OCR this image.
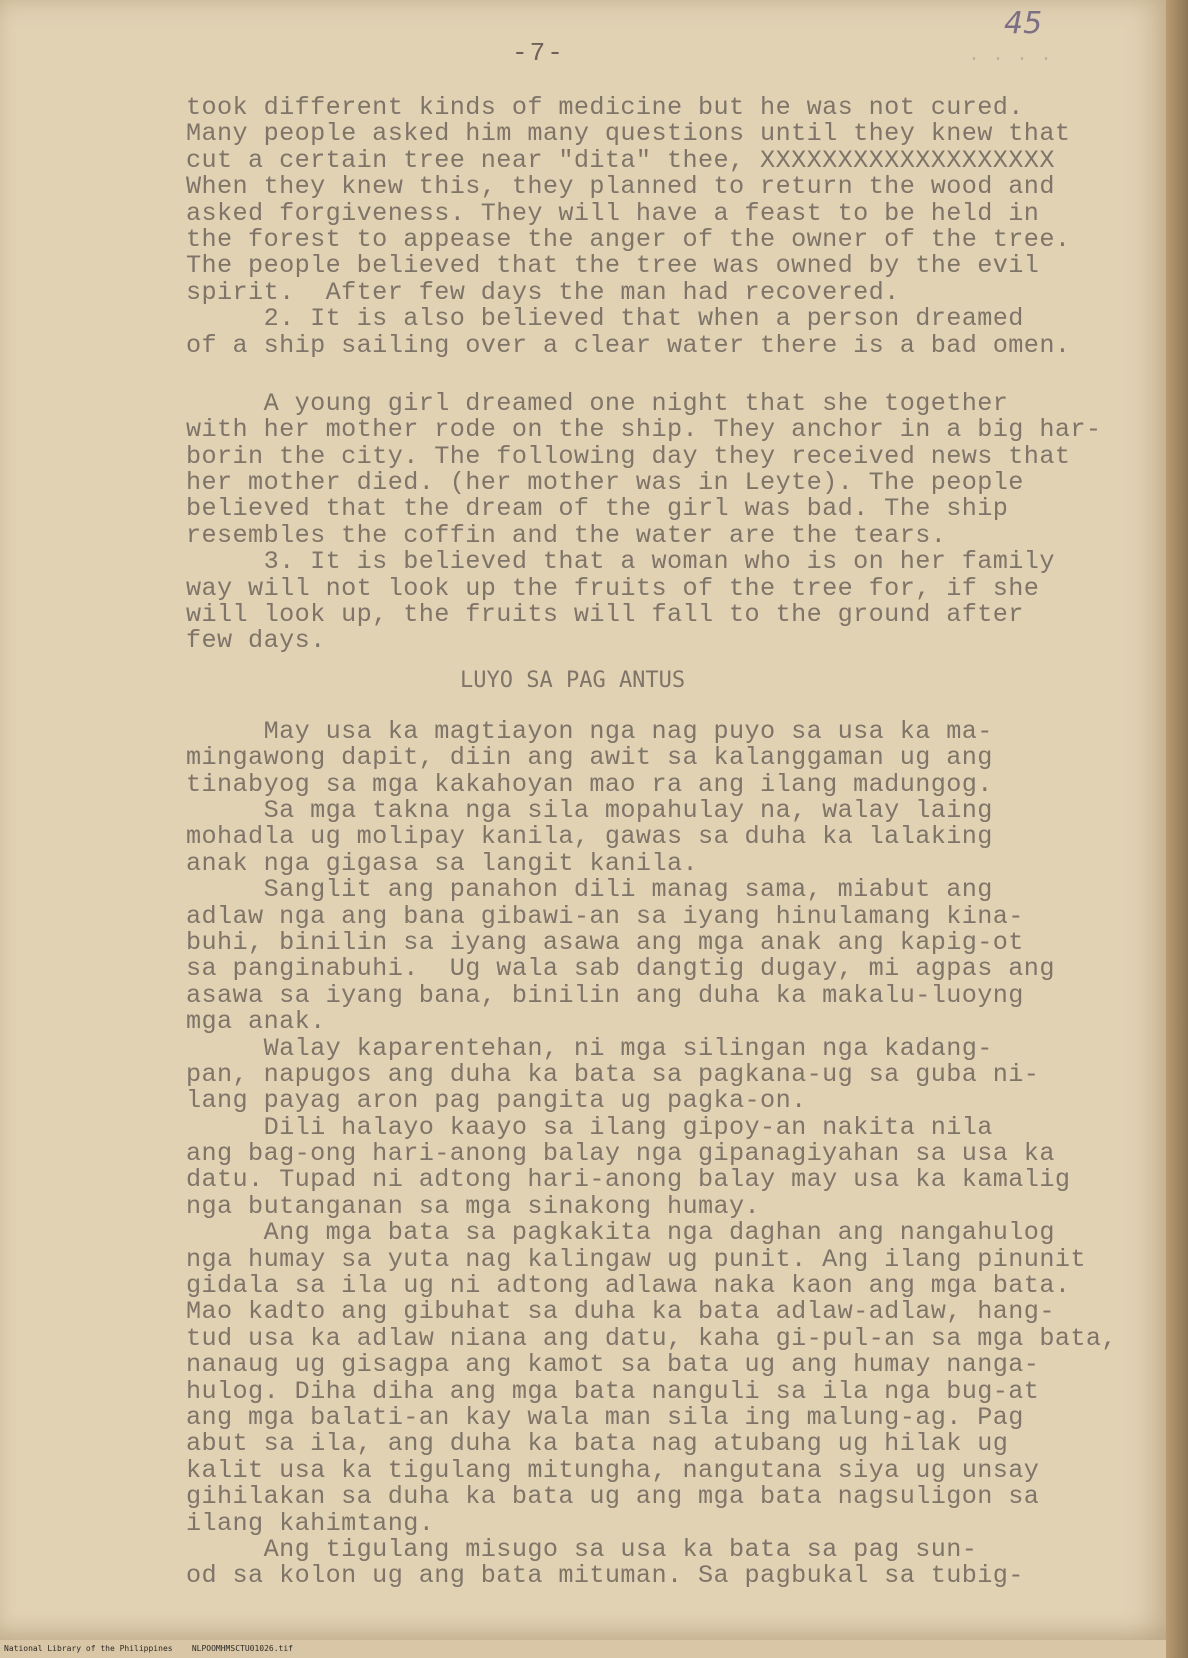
-7-
45
· · · ·
took different kinds of medicine but he was not cured.
Many people asked him many questions until they knew that
cut a certain tree near "dita" thee, XXXXXXXXXXXXXXXXXXX
When they knew this, they planned to return the wood and
asked forgiveness. They will have a feast to be held in
the forest to appease the anger of the owner of the tree.
The people believed that the tree was owned by the evil
spirit.  After few days the man had recovered.
2. It is also believed that when a person dreamed
of a ship sailing over a clear water there is a bad omen.
A young girl dreamed one night that she together
with her mother rode on the ship. They anchor in a big har-
borin the city. The following day they received news that
her mother died. (her mother was in Leyte). The people
believed that the dream of the girl was bad. The ship
resembles the coffin and the water are the tears.
3. It is believed that a woman who is on her family
way will not look up the fruits of the tree for, if she
will look up, the fruits will fall to the ground after
few days.
LUYO SA PAG ANTUS
May usa ka magtiayon nga nag puyo sa usa ka ma-
mingawong dapit, diin ang awit sa kalanggaman ug ang
tinabyog sa mga kakahoyan mao ra ang ilang madungog.
Sa mga takna nga sila mopahulay na, walay laing
mohadla ug molipay kanila, gawas sa duha ka lalaking
anak nga gigasa sa langit kanila.
Sanglit ang panahon dili manag sama, miabut ang
adlaw nga ang bana gibawi-an sa iyang hinulamang kina-
buhi, binilin sa iyang asawa ang mga anak ang kapig-ot
sa panginabuhi.  Ug wala sab dangtig dugay, mi agpas ang
asawa sa iyang bana, binilin ang duha ka makalu-luoyng
mga anak.
Walay kaparentehan, ni mga silingan nga kadang-
pan, napugos ang duha ka bata sa pagkana-ug sa guba ni-
lang payag aron pag pangita ug pagka-on.
Dili halayo kaayo sa ilang gipoy-an nakita nila
ang bag-ong hari-anong balay nga gipanagiyahan sa usa ka
datu. Tupad ni adtong hari-anong balay may usa ka kamalig
nga butanganan sa mga sinakong humay.
Ang mga bata sa pagkakita nga daghan ang nangahulog
nga humay sa yuta nag kalingaw ug punit. Ang ilang pinunit
gidala sa ila ug ni adtong adlawa naka kaon ang mga bata.
Mao kadto ang gibuhat sa duha ka bata adlaw-adlaw, hang-
tud usa ka adlaw niana ang datu, kaha gi-pul-an sa mga bata,
nanaug ug gisagpa ang kamot sa bata ug ang humay nanga-
hulog. Diha diha ang mga bata nanguli sa ila nga bug-at
ang mga balati-an kay wala man sila ing malung-ag. Pag
abut sa ila, ang duha ka bata nag atubang ug hilak ug
kalit usa ka tigulang mitungha, nangutana siya ug unsay
gihilakan sa duha ka bata ug ang mga bata nagsuligon sa
ilang kahimtang.
Ang tigulang misugo sa usa ka bata sa pag sun-
od sa kolon ug ang bata mituman. Sa pagbukal sa tubig-
National Library of the Philippines NLPOOMHMSCTU01026.tif
